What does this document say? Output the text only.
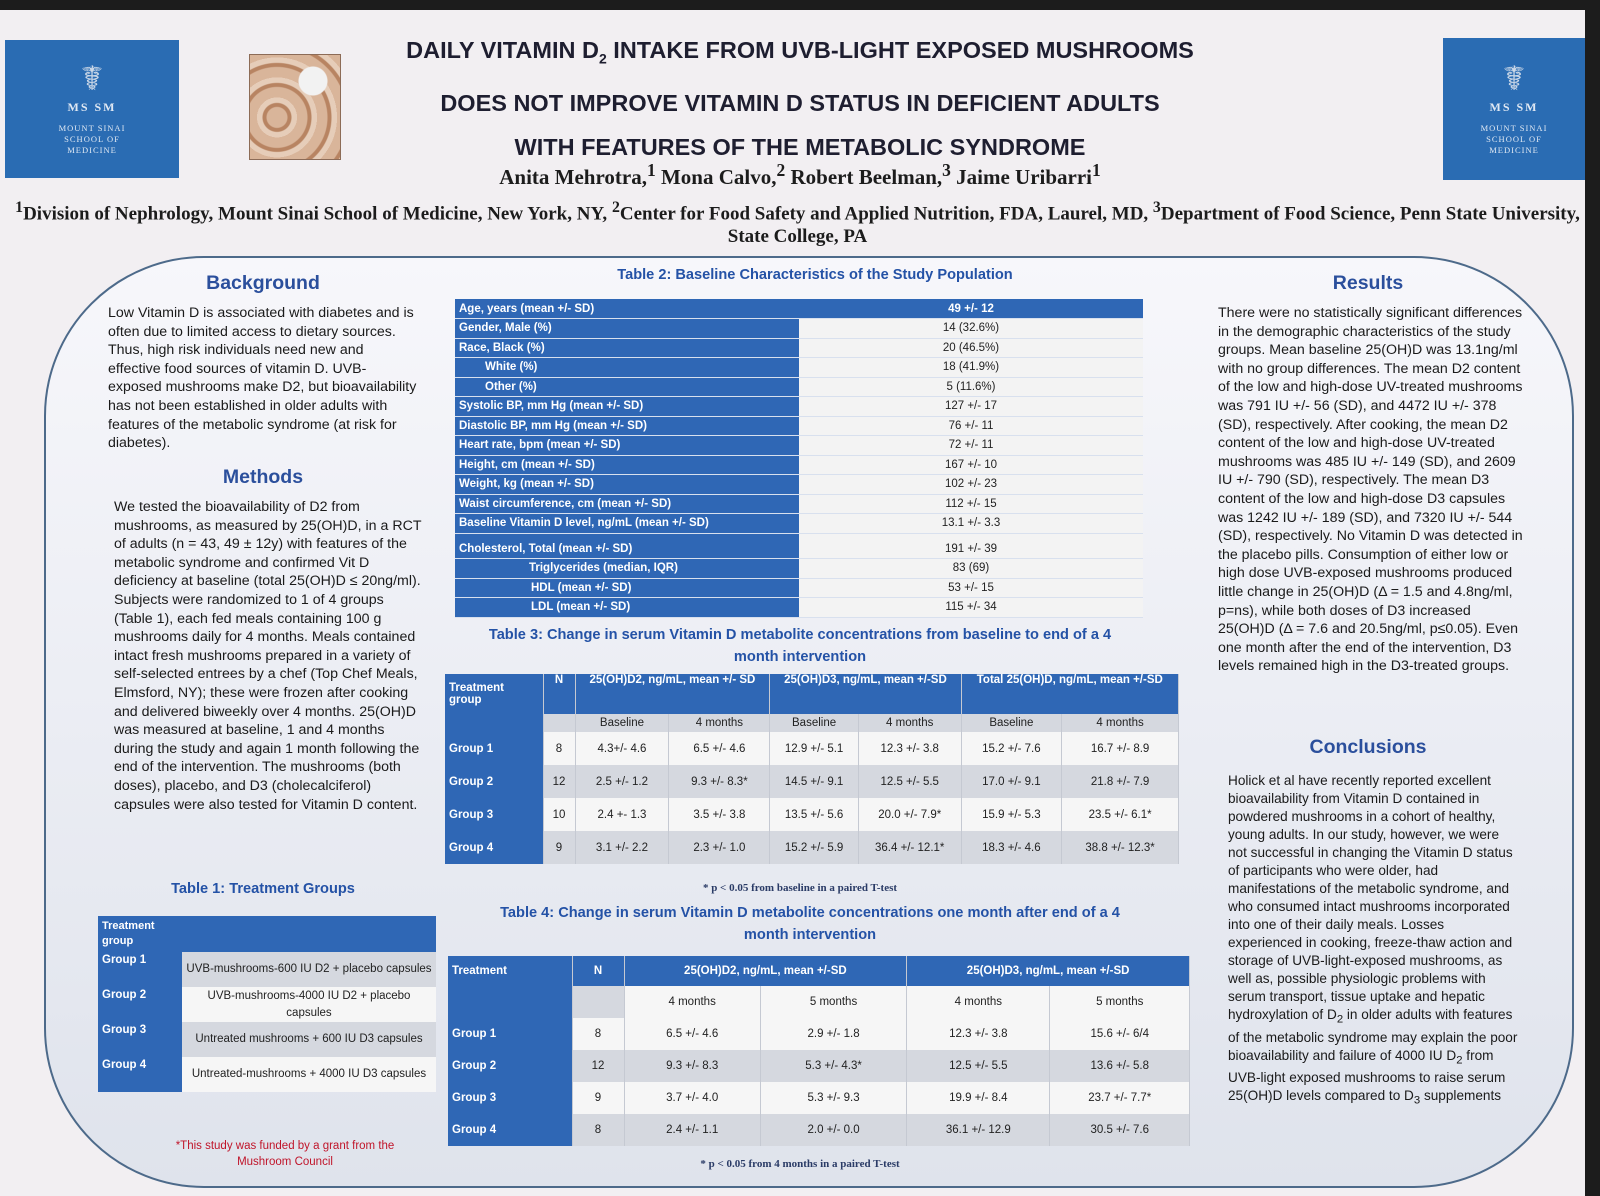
☤
MS SM
MOUNT SINAI
SCHOOL OF
MEDICINE
☤
MS SM
MOUNT SINAI
SCHOOL OF
MEDICINE
DAILY VITAMIN $D_2$ INTAKE FROM UVB-LIGHT EXPOSED MUSHROOMS
DOES NOT IMPROVE VITAMIN D STATUS IN DEFICIENT ADULTS
WITH FEATURES OF THE METABOLIC SYNDROME
Anita Mehrotra,$^1$ Mona Calvo,$^2$ Robert Beelman,$^3$ Jaime Uribarri$^1$
$^1$Division of Nephrology, Mount Sinai School of Medicine, New York, NY, $^2$Center for Food Safety and Applied Nutrition, FDA, Laurel, MD, $^3$Department of Food Science, Penn State University, State College, PA
Background
Low Vitamin D is associated with diabetes and is often due to limited access to dietary sources. Thus, high risk individuals need new and effective food sources of vitamin D. UVB-exposed mushrooms make D2, but bioavailability has not been established in older adults with features of the metabolic syndrome (at risk for diabetes).
Methods
We tested the bioavailability of D2 from mushrooms, as measured by 25(OH)D, in a RCT of adults (n = 43, 49 ± 12y) with features of the metabolic syndrome and confirmed Vit D deficiency at baseline (total 25(OH)D ≤ 20ng/ml). Subjects were randomized to 1 of 4 groups (Table 1), each fed meals containing 100 g mushrooms daily for 4 months. Meals contained intact fresh mushrooms prepared in a variety of self-selected entrees by a chef (Top Chef Meals, Elmsford, NY); these were frozen after cooking and delivered biweekly over 4 months. 25(OH)D was measured at baseline, 1 and 4 months during the study and again 1 month following the end of the intervention. The mushrooms (both doses), placebo, and D3 (cholecalciferol) capsules were also tested for Vitamin D content.
Table 1: Treatment Groups
Treatment group	
Group 1	UVB-mushrooms-600 IU D2 + placebo capsules
Group 2	UVB-mushrooms-4000 IU D2 + placebo capsules
Group 3	Untreated mushrooms + 600 IU D3 capsules
Group 4	Untreated-mushrooms + 4000 IU D3 capsules
*This study was funded by a grant from the Mushroom Council
Table 2: Baseline Characteristics of the Study Population
Age, years (mean +/- SD)	49 +/- 12
Gender, Male (%)	14 (32.6%)
Race, Black (%)	20 (46.5%)
White (%)	18 (41.9%)
Other (%)	5 (11.6%)
Systolic BP, mm Hg (mean +/- SD)	127 +/- 17
Diastolic BP, mm Hg (mean +/- SD)	76 +/- 11
Heart rate, bpm (mean +/- SD)	72 +/- 11
Height, cm (mean +/- SD)	167 +/- 10
Weight, kg (mean +/- SD)	102 +/- 23
Waist circumference, cm (mean +/- SD)	112 +/- 15
Baseline Vitamin D level, ng/mL (mean +/- SD)	13.1 +/- 3.3

Cholesterol, Total (mean +/- SD)	191 +/- 39
Triglycerides (median, IQR)	83 (69)
HDL (mean +/- SD)	53 +/- 15
LDL (mean +/- SD)	115 +/- 34
Table 3: Change in serum Vitamin D metabolite concentrations from baseline to end of a 4 month intervention
Treatment group	N	25(OH)D2, ng/mL, mean +/- SD		25(OH)D3, ng/mL, mean +/-SD		Total 25(OH)D, ng/mL, mean +/-SD	
		Baseline	4 months	Baseline	4 months	Baseline	4 months
Group 1	8	4.3+/- 4.6	6.5 +/- 4.6	12.9 +/- 5.1	12.3 +/- 3.8	15.2 +/- 7.6	16.7 +/- 8.9
Group 2	12	2.5 +/- 1.2	9.3 +/- 8.3*	14.5 +/- 9.1	12.5 +/- 5.5	17.0 +/- 9.1	21.8 +/- 7.9
Group 3	10	2.4 +- 1.3	3.5 +/- 3.8	13.5 +/- 5.6	20.0 +/- 7.9*	15.9 +/- 5.3	23.5 +/- 6.1*
Group 4	9	3.1 +/- 2.2	2.3 +/- 1.0	15.2 +/- 5.9	36.4 +/- 12.1*	18.3 +/- 4.6	38.8 +/- 12.3*
* p < 0.05 from baseline in a paired T-test
Table 4: Change in serum Vitamin D metabolite concentrations one month after end of a 4 month intervention
Treatment	N	25(OH)D2, ng/mL, mean +/-SD		25(OH)D3, ng/mL, mean +/-SD	
		4 months	5 months	4 months	5 months
Group 1	8	6.5 +/- 4.6	2.9 +/- 1.8	12.3 +/- 3.8	15.6 +/- 6/4
Group 2	12	9.3 +/- 8.3	5.3 +/- 4.3*	12.5 +/- 5.5	13.6 +/- 5.8
Group 3	9	3.7 +/- 4.0	5.3 +/- 9.3	19.9 +/- 8.4	23.7 +/- 7.7*
Group 4	8	2.4 +/- 1.1	2.0 +/- 0.0	36.1 +/- 12.9	30.5 +/- 7.6
* p < 0.05 from 4 months in a paired T-test
Results
There were no statistically significant differences in the demographic characteristics of the study groups. Mean baseline 25(OH)D was 13.1ng/ml with no group differences. The mean D2 content of the low and high-dose UV-treated mushrooms was 791 IU +/- 56 (SD), and 4472 IU +/- 378 (SD), respectively. After cooking, the mean D2 content of the low and high-dose UV-treated mushrooms was 485 IU +/- 149 (SD), and 2609 IU +/- 790 (SD), respectively. The mean D3 content of the low and high-dose D3 capsules was 1242 IU +/- 189 (SD), and 7320 IU +/- 544 (SD), respectively. No Vitamin D was detected in the placebo pills. Consumption of either low or high dose UVB-exposed mushrooms produced little change in 25(OH)D (Δ = 1.5 and 4.8ng/ml, p=ns), while both doses of D3 increased 25(OH)D (Δ = 7.6 and 20.5ng/ml, p≤0.05). Even one month after the end of the intervention, D3 levels remained high in the D3-treated groups.
Conclusions
Holick et al have recently reported excellent bioavailability from Vitamin D contained in powdered mushrooms in a cohort of healthy, young adults. In our study, however, we were not successful in changing the Vitamin D status of participants who were older, had manifestations of the metabolic syndrome, and who consumed intact mushrooms incorporated into one of their daily meals. Losses experienced in cooking, freeze-thaw action and storage of UVB-light-exposed mushrooms, as well as, possible physiologic problems with serum transport, tissue uptake and hepatic hydroxylation of $D_2$ in older adults with features of the metabolic syndrome may explain the poor bioavailability and failure of 4000 IU $D_2$ from UVB-light exposed mushrooms to raise serum 25(OH)D levels compared to $D_3$ supplements
